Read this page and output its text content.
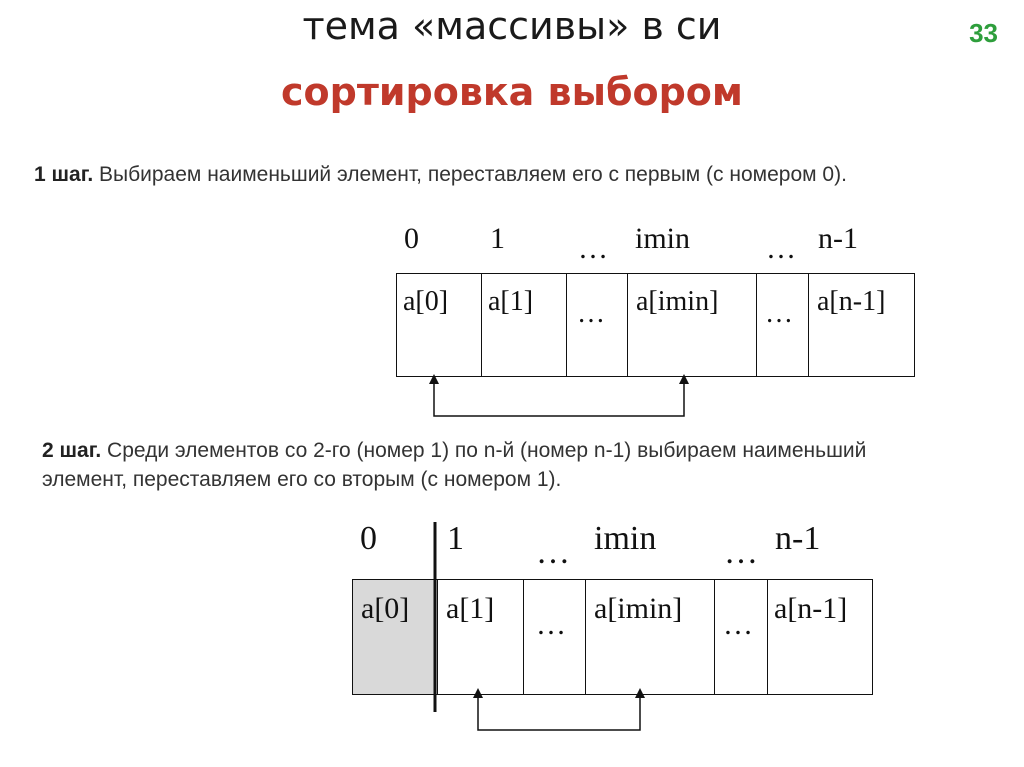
тема «массивы» в си
сортировка выбором
33
1 шаг. Выбираем наименьший элемент, переставляем его с первым (с номером 0).
0 1 … imin	… n-1
a[0] a[1] … a[imin] … a[n-1]
2 шаг. Среди элементов со 2-го (номер 1) по n-й (номер n-1) выбираем наименьший элемент, переставляем его со вторым (с номером 1).
0 1 … imin … n-1
a[0] a[1] … a[imin] … a[n-1]
